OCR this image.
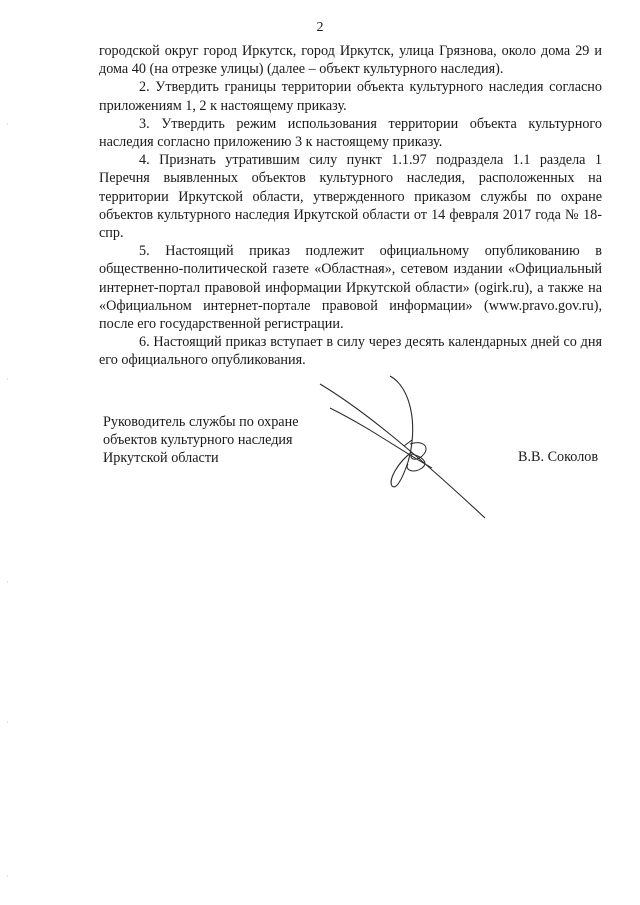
2

городской округ город Иркутск, город Иркутск, улица Грязнова, около дома 29 и дома 40 (на отрезке улицы) (далее – объект культурного наследия).

2. Утвердить границы территории объекта культурного наследия согласно приложениям 1, 2 к настоящему приказу.

3. Утвердить режим использования территории объекта культурного наследия согласно приложению 3 к настоящему приказу.

4. Признать утратившим силу пункт 1.1.97 подраздела 1.1 раздела 1 Перечня выявленных объектов культурного наследия, расположенных на территории Иркутской области, утвержденного приказом службы по охране объектов культурного наследия Иркутской области от 14 февраля 2017 года № 18-спр.

5. Настоящий приказ подлежит официальному опубликованию в общественно-политической газете «Областная», сетевом издании «Официальный интернет-портал правовой информации Иркутской области» (ogirk.ru), а также на «Официальном интернет-портале правовой информации» (www.pravo.gov.ru), после его государственной регистрации.

6. Настоящий приказ вступает в силу через десять календарных дней со дня его официального опубликования.

Руководитель службы по охране
объектов культурного наследия
Иркутской области	В.В. Соколов
·
·
·
·
·
